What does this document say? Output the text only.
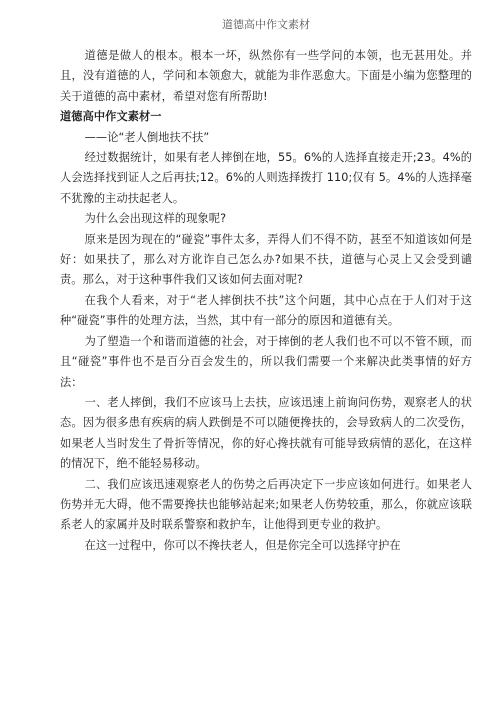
道德高中作文素材

道德是做人的根本。根本一坏，纵然你有一些学问的本领，也无甚用处。并且，没有道德的人，学问和本领愈大，就能为非作恶愈大。下面是小编为您整理的关于道德的高中素材，希望对您有所帮助!

道德高中作文素材一

——论“老人倒地扶不扶”

经过数据统计，如果有老人摔倒在地，55。6%的人选择直接走开;23。4%的人会选择找到证人之后再扶;12。6%的人则选择拨打 110;仅有 5。4%的人选择毫不犹豫的主动扶起老人。

为什么会出现这样的现象呢?

原来是因为现在的“碰瓷”事件太多，弄得人们不得不防，甚至不知道该如何是好：如果扶了，那么对方讹诈自己怎么办?如果不扶，道德与心灵上又会受到谴责。那么，对于这种事件我们又该如何去面对呢?

在我个人看来，对于“老人摔倒扶不扶”这个问题，其中心点在于人们对于这种“碰瓷”事件的处理方法，当然，其中有一部分的原因和道德有关。

为了塑造一个和谐而道德的社会，对于摔倒的老人我们也不可以不管不顾，而且“碰瓷”事件也不是百分百会发生的，所以我们需要一个来解决此类事情的好方法：

一、老人摔倒，我们不应该马上去扶，应该迅速上前询问伤势，观察老人的状态。因为很多患有疾病的病人跌倒是不可以随便搀扶的，会导致病人的二次受伤，如果老人当时发生了骨折等情况，你的好心搀扶就有可能导致病情的恶化，在这样的情况下，绝不能轻易移动。

二、我们应该迅速观察老人的伤势之后再决定下一步应该如何进行。如果老人伤势并无大碍，他不需要搀扶也能够站起来;如果老人伤势较重，那么，你就应该联系老人的家属并及时联系警察和救护车，让他得到更专业的救护。

在这一过程中，你可以不搀扶老人，但是你完全可以选择守护在
